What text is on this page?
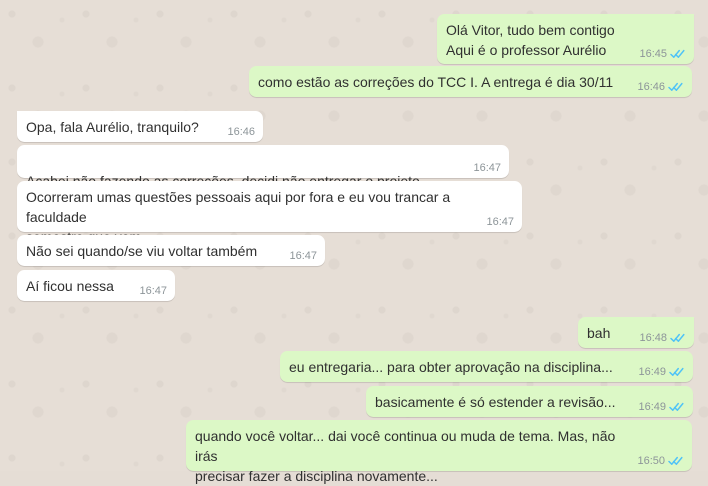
Olá Vitor, tudo bem contigo
Aqui é o professor Aurélio	16:45
como estão as correções do TCC I. A entrega é dia 30/11	16:46
Opa, fala Aurélio, tranquilo?	16:46

16:47
Ocorreram umas questões pessoais aqui por fora e eu vou trancar a faculdade	16:47
Não sei quando/se viu voltar também	16:47
Aí ficou nessa	16:47
bah	16:48
eu entregaria... para obter aprovação na disciplina...	16:49
basicamente é só estender a revisão...	16:49
quando você voltar... dai você continua ou muda de tema. Mas, não irás
precisar fazer a disciplina novamente...
16:50
